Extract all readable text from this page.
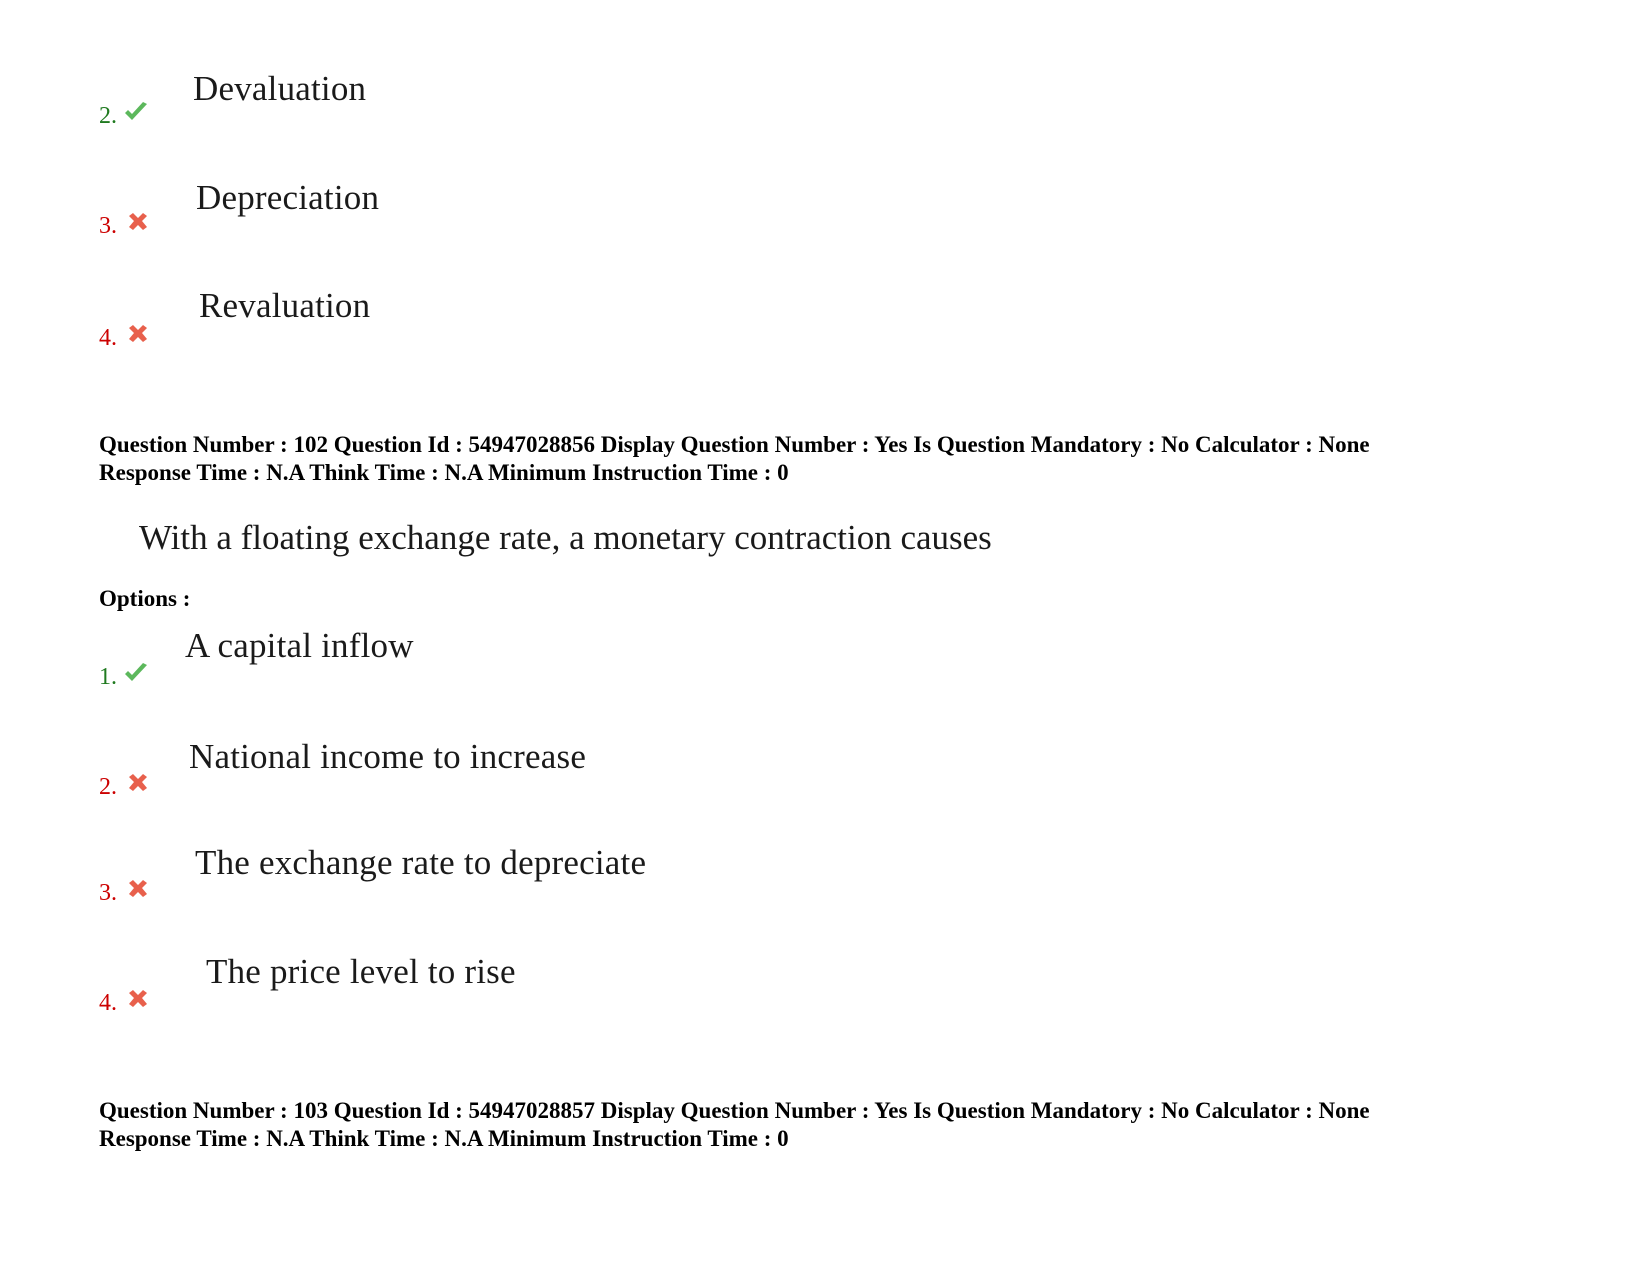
2.
Devaluation
3.
Depreciation
4.
Revaluation
Question Number : 102 Question Id : 54947028856 Display Question Number : Yes Is Question Mandatory : No Calculator : None
Response Time : N.A Think Time : N.A Minimum Instruction Time : 0
With a floating exchange rate, a monetary contraction causes
Options :
1.
A capital inflow
2.
National income to increase
3.
The exchange rate to depreciate
4.
The price level to rise
Question Number : 103 Question Id : 54947028857 Display Question Number : Yes Is Question Mandatory : No Calculator : None
Response Time : N.A Think Time : N.A Minimum Instruction Time : 0
